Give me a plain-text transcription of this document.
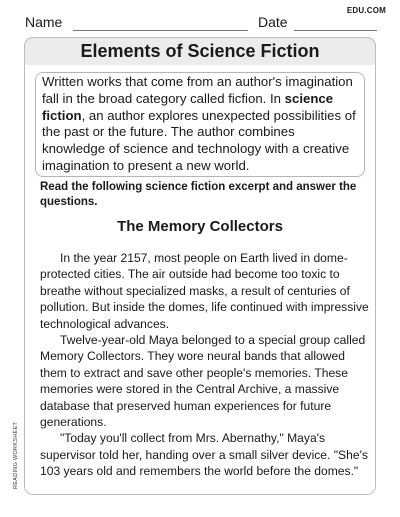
Name	Date
EDU.COM
Elements of Science Fiction

Written works that come from an author's imagination fall in the broad category called ficfion. In science fiction, an author explores unexpected possibilities of the past or the future. The author combines knowledge of science and technology with a creative imagination to present a new world.

Read the following science fiction excerpt and answer the questions.
The Memory Collectors

In the year 2157, most people on Earth lived in dome-protected cities. The air outside had become too toxic to breathe without specialized masks, a result of centuries of pollution. But inside the domes, life continued with impressive technological advances.

Twelve-year-old Maya belonged to a special group called Memory Collectors. They wore neural bands that allowed them to extract and save other people's memories. These memories were stored in the Central Archive, a massive database that preserved human experiences for future generations.

"Today you'll collect from Mrs. Abernathy," Maya's supervisor told her, handing over a small silver device. "She's 103 years old and remembers the world before the domes."

READING WORKSHEET
